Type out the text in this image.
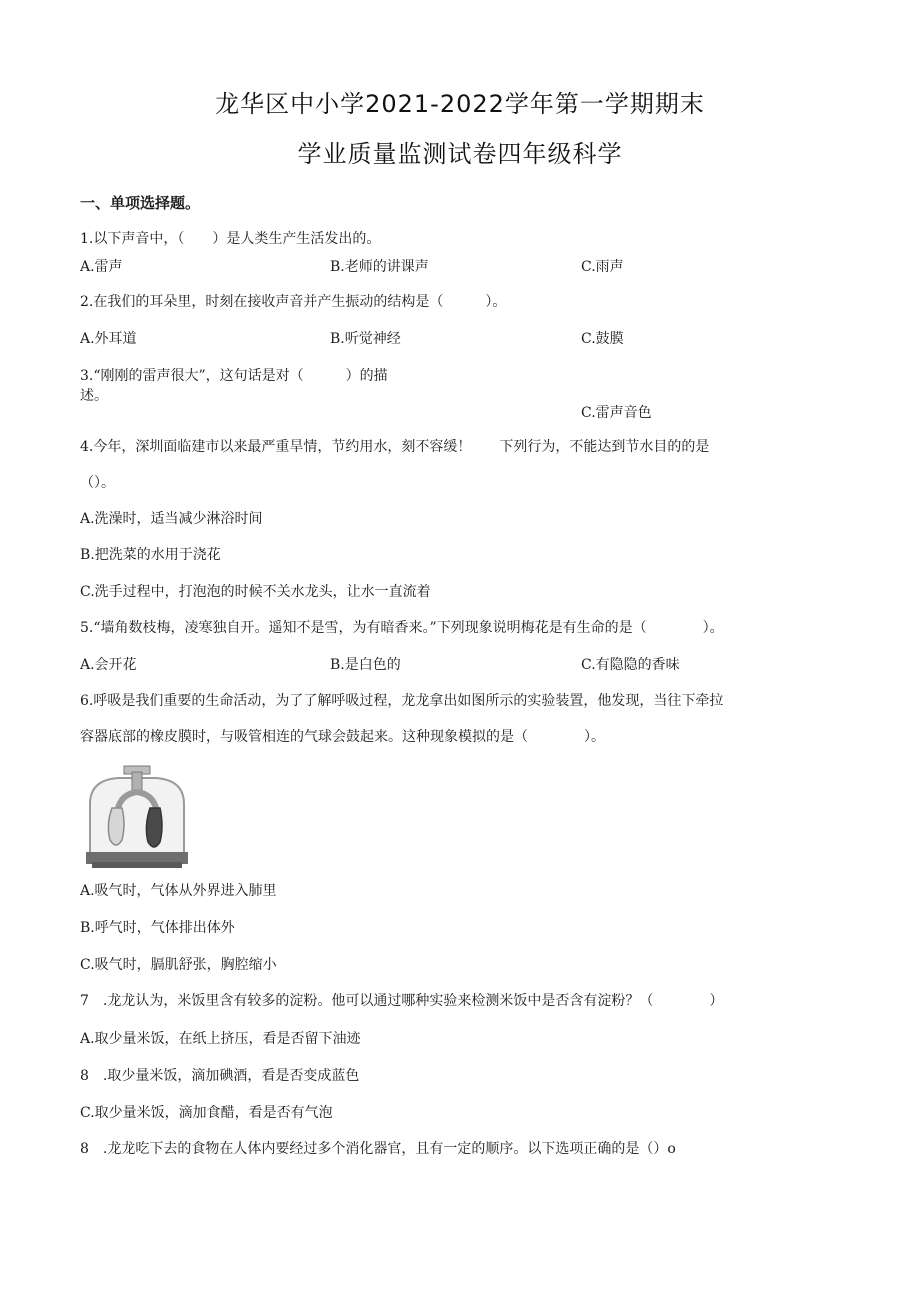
龙华区中小学2021-2022学年第一学期期末
学业质量监测试卷四年级科学
一、单项选择题。
1.以下声音中，（　　）是人类生产生活发出的。
A.雷声	B.老师的讲课声	C.雨声
2.在我们的耳朵里，时刻在接收声音并产生振动的结构是（　　　）。
A.外耳道	B.听觉神经	C.鼓膜
3.“刚刚的雷声很大”，这句话是对（　　　）的描
述。
C.雷声音色
4.今年，深圳面临建市以来最严重旱情，节约用水，刻不容缓！　　下列行为，不能达到节水目的的是
（）。
A.洗澡时，适当减少淋浴时间
B.把洗菜的水用于浇花
C.洗手过程中，打泡泡的时候不关水龙头，让水一直流着
5.“墙角数枝梅，凌寒独自开。遥知不是雪，为有暗香来。”下列现象说明梅花是有生命的是（　　　　）。
A.会开花	B.是白色的	C.有隐隐的香味
6.呼吸是我们重要的生命活动，为了了解呼吸过程，龙龙拿出如图所示的实验装置，他发现，当往下牵拉
容器底部的橡皮膜时，与吸管相连的气球会鼓起来。这种现象模拟的是（　　　　）。
A.吸气时，气体从外界进入肺里
B.呼气时，气体排出体外
C.吸气时，膈肌舒张，胸腔缩小
7　.龙龙认为，米饭里含有较多的淀粉。他可以通过哪种实验来检测米饭中是否含有淀粉？（　　　　）
A.取少量米饭，在纸上挤压，看是否留下油迹
8　.取少量米饭，滴加碘酒，看是否变成蓝色
C.取少量米饭，滴加食醋，看是否有气泡
8　.龙龙吃下去的食物在人体内要经过多个消化器官，且有一定的顺序。以下选项正确的是（）o
